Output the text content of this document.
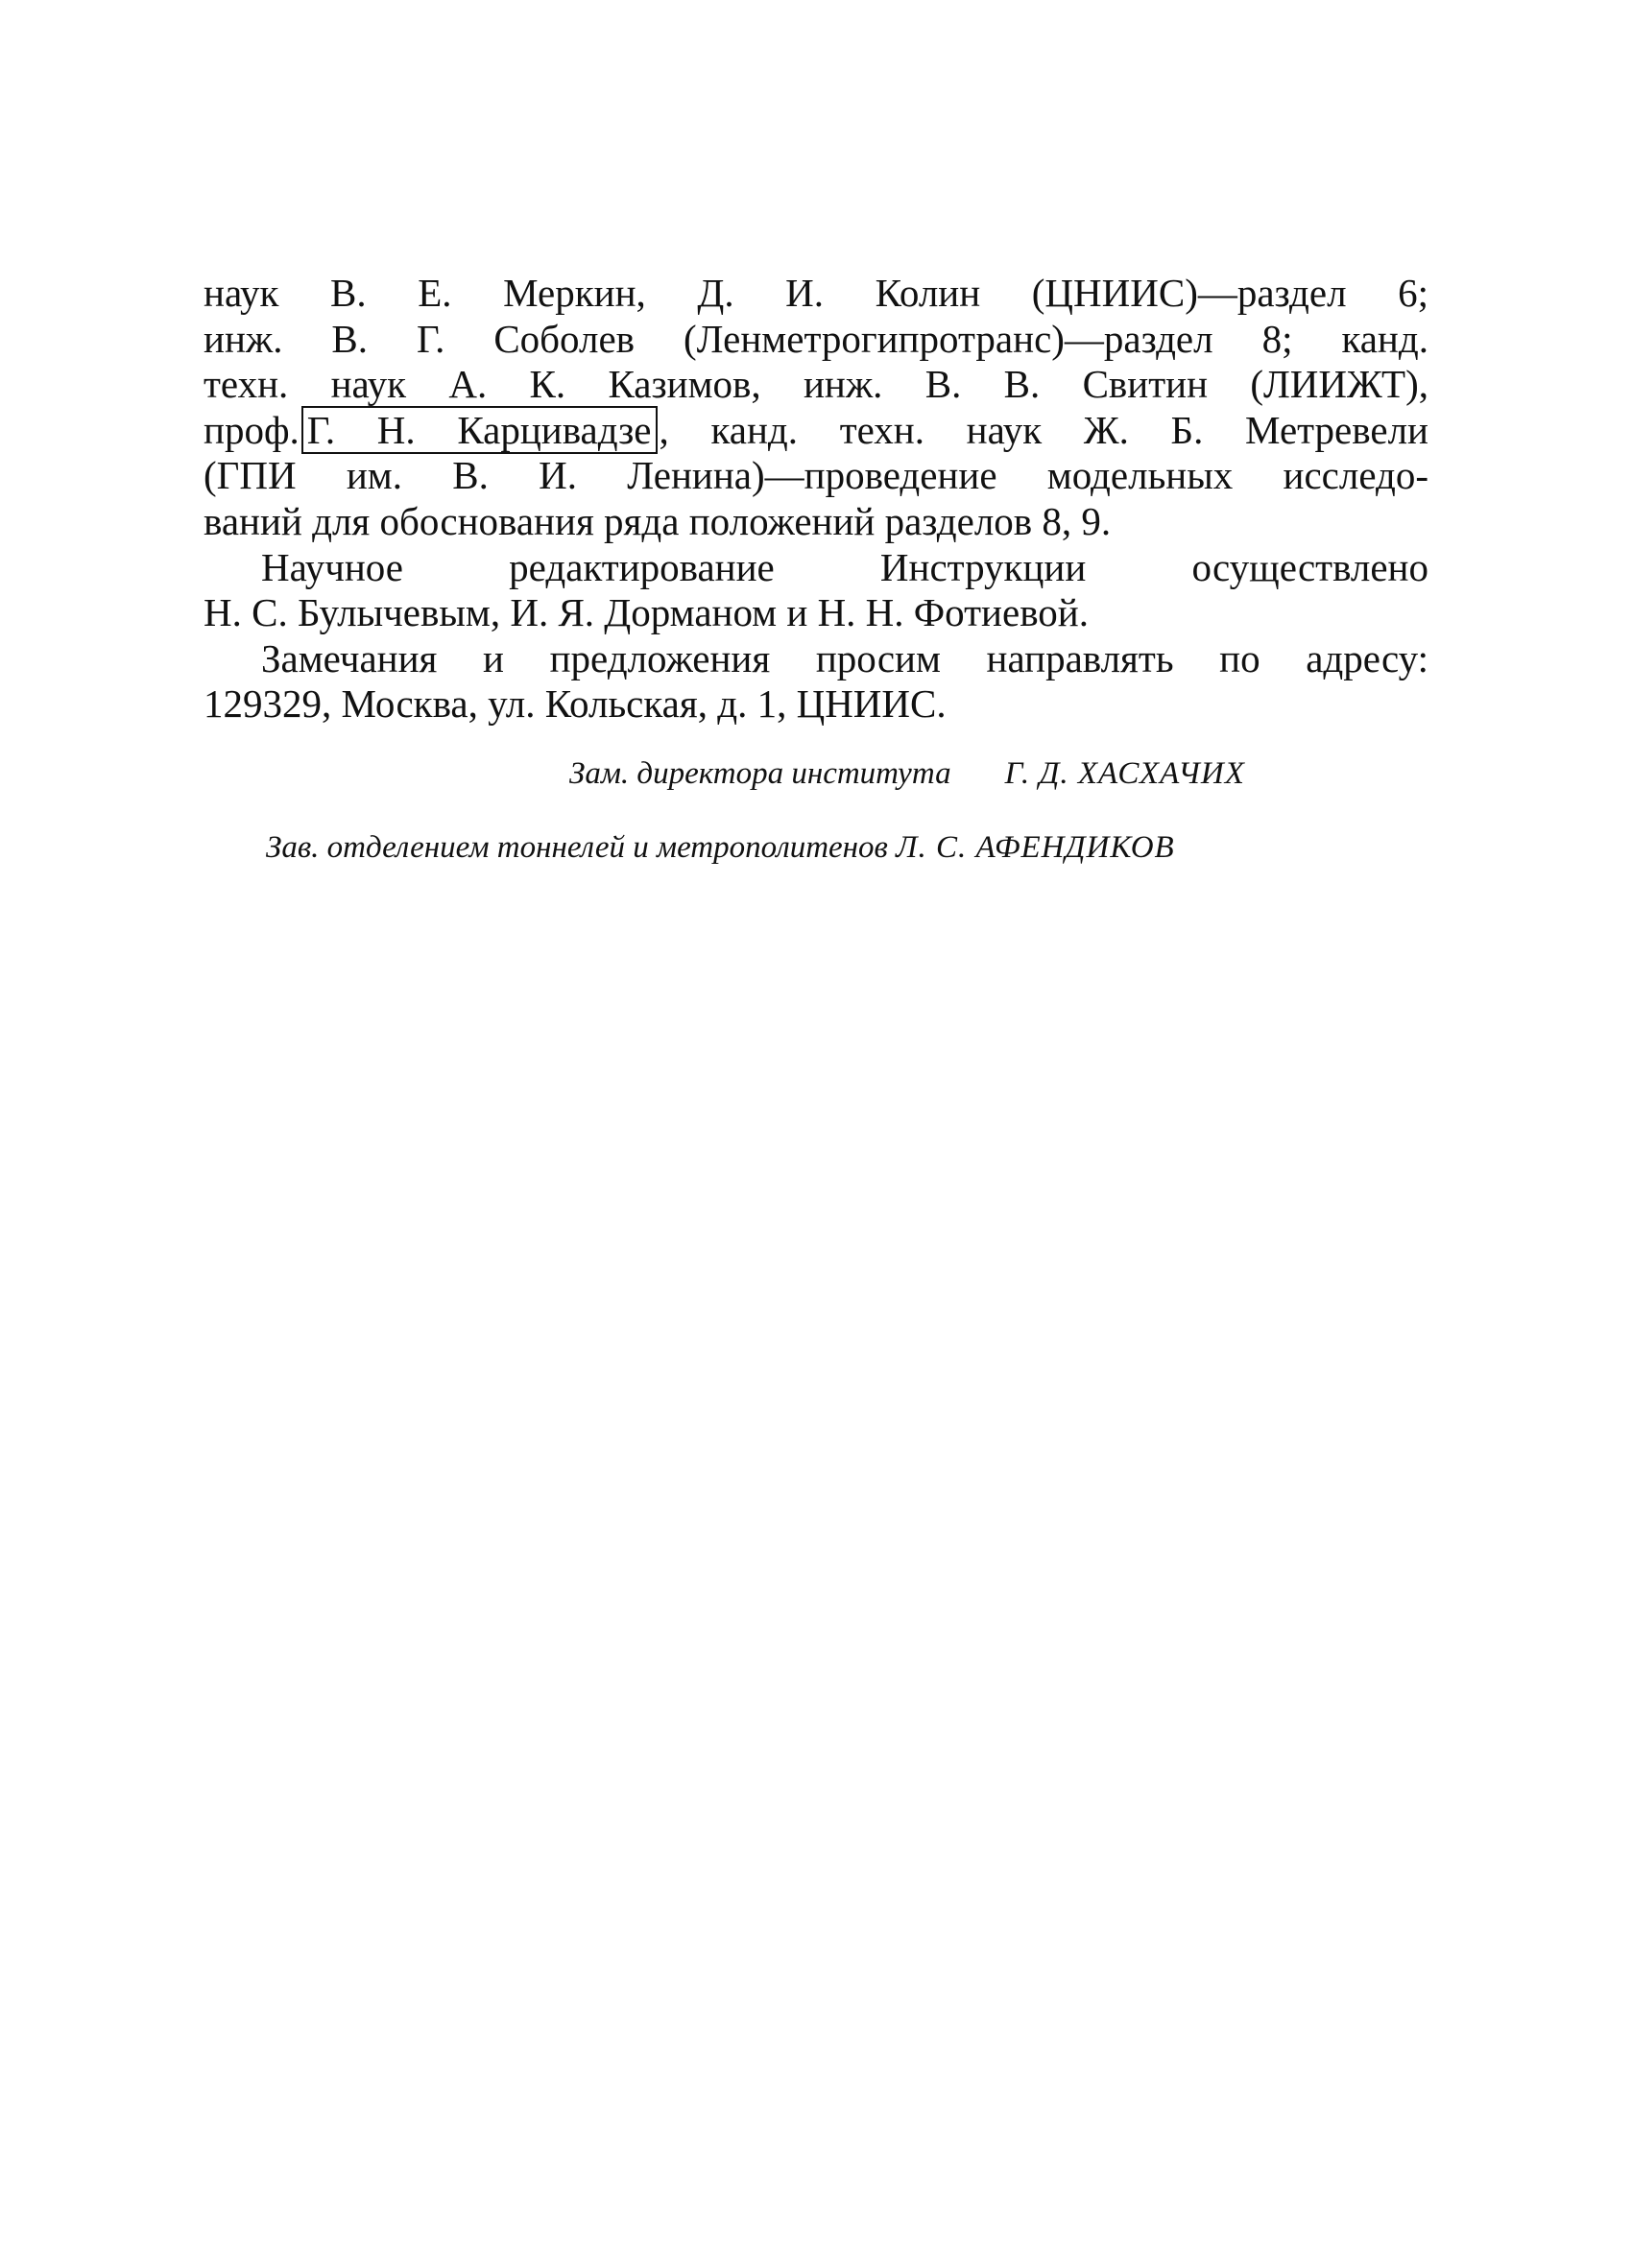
наук В. Е. Меркин, Д. И. Колин (ЦНИИС)—раздел 6;
инж. В. Г. Соболев (Ленметрогипротранс)—раздел 8; канд.
техн. наук А. К. Казимов, инж. В. В. Свитин (ЛИИЖТ),
проф. Г. Н. Карцивадзе , канд. техн. наук Ж. Б. Метревели
(ГПИ им. В. И. Ленина)—проведение модельных исследо-
ваний для обоснования ряда положений разделов 8, 9.
Научное редактирование Инструкции осуществлено
Н. С. Булычевым, И. Я. Дорманом и Н. Н. Фотиевой.
Замечания и предложения просим направлять по адресу:
129329, Москва, ул. Кольская, д. 1, ЦНИИС.
Зам. директора института Г. Д. ХАСХАЧИХ
Зав. отделением тоннелей и метрополитенов Л. С. АФЕНДИКОВ
